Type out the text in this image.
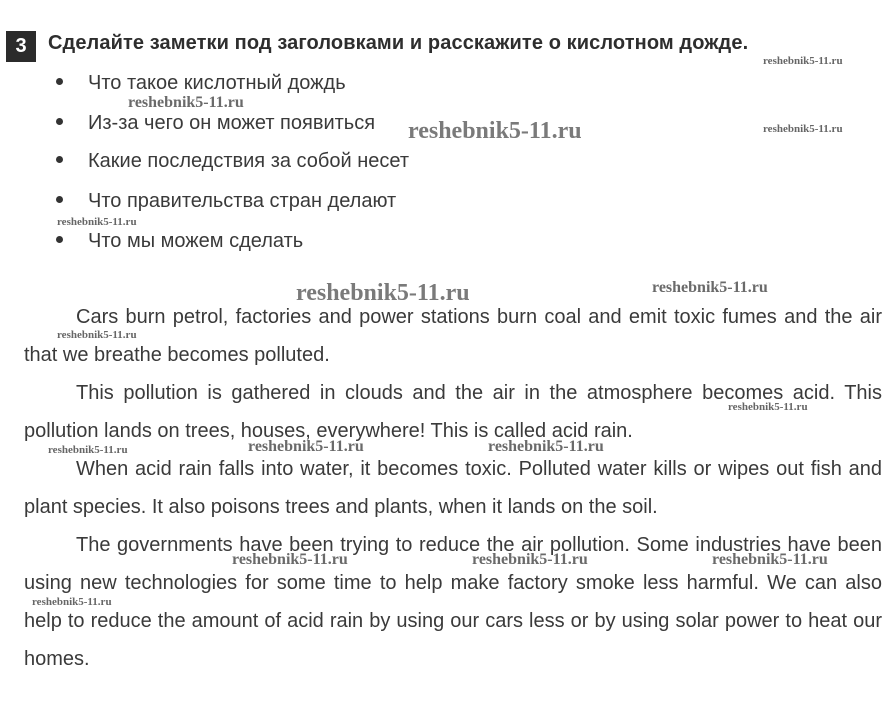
3	Сделайте заметки под заголовками и расскажите о кислотном дожде.
Что такое кислотный дождь
Из-за чего он может появиться
Какие последствия за собой несет
Что правительства стран делают
Что мы можем сделать

Cars burn petrol, factories and power stations burn coal and emit toxic fumes and the air that we breathe becomes polluted.

This pollution is gathered in clouds and the air in the atmosphere becomes acid. This pollution lands on trees, houses, everywhere! This is called acid rain.

When acid rain falls into water, it becomes toxic. Polluted water kills or wipes out fish and plant species. It also poisons trees and plants, when it lands on the soil.

The governments have been trying to reduce the air pollution. Some industries have been using new technologies for some time to help make factory smoke less harmful. We can also help to reduce the amount of acid rain by using our cars less or by using solar power to heat our homes.

reshebnik5-11.ru
reshebnik5-11.ru
reshebnik5-11.ru	reshebnik5-11.ru
reshebnik5-11.ru
reshebnik5-11.ru	reshebnik5-11.ru
reshebnik5-11.ru
reshebnik5-11.ru
reshebnik5-11.ru	reshebnik5-11.ru	reshebnik5-11.ru
reshebnik5-11.ru	reshebnik5-11.ru	reshebnik5-11.ru
reshebnik5-11.ru
